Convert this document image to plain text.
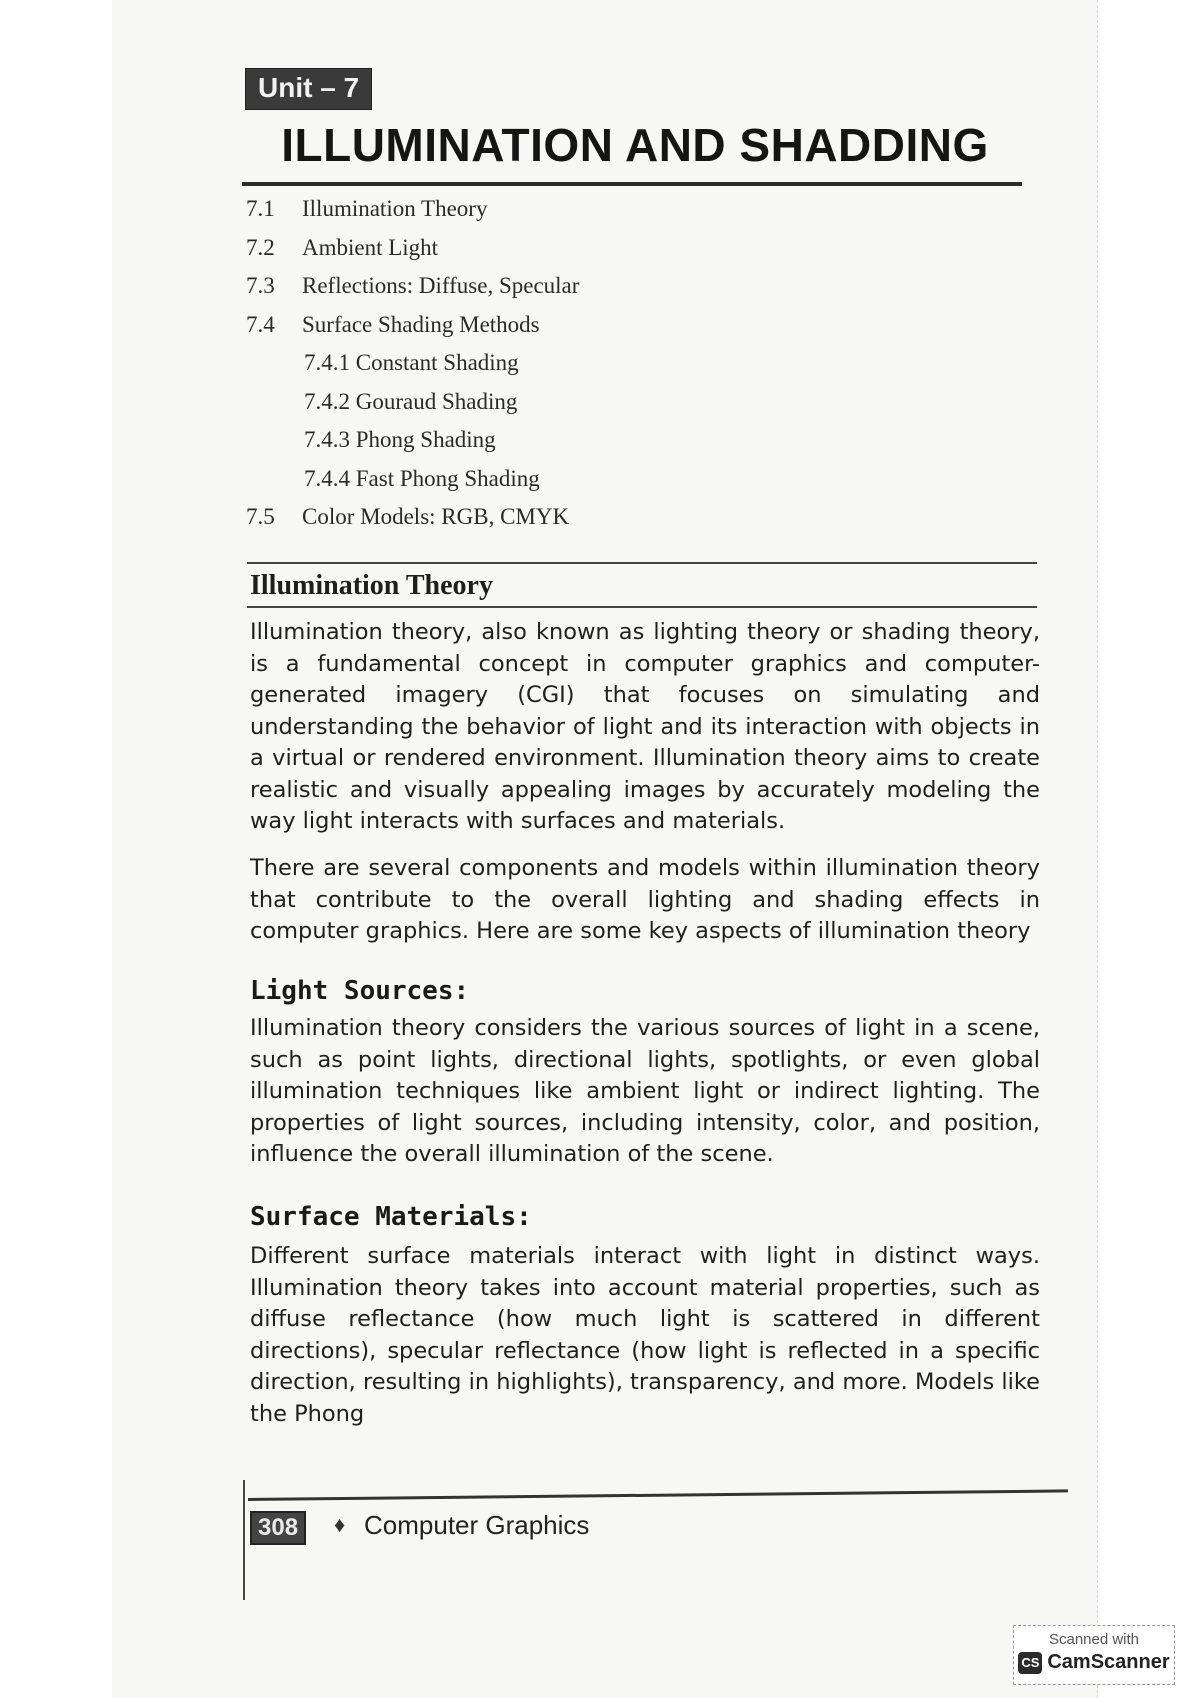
Unit – 7
ILLUMINATION AND SHADDING
7.1 Illumination Theory
7.2 Ambient Light
7.3 Reflections: Diffuse, Specular
7.4 Surface Shading Methods
7.4.1 Constant Shading
7.4.2 Gouraud Shading
7.4.3 Phong Shading
7.4.4 Fast Phong Shading
7.5 Color Models: RGB, CMYK
Illumination Theory

Illumination theory, also known as lighting theory or shading theory, is a fundamental concept in computer graphics and computer-generated imagery (CGI) that focuses on simulating and understanding the behavior of light and its interaction with objects in a virtual or rendered environment. Illumination theory aims to create realistic and visually appealing images by accurately modeling the way light interacts with surfaces and materials.

There are several components and models within illumination theory that contribute to the overall lighting and shading effects in computer graphics. Here are some key aspects of illumination theory

Light Sources:

Illumination theory considers the various sources of light in a scene, such as point lights, directional lights, spotlights, or even global illumination techniques like ambient light or indirect lighting. The properties of light sources, including intensity, color, and position, influence the overall illumination of the scene.

Surface Materials:

Different surface materials interact with light in distinct ways. Illumination theory takes into account material properties, such as diffuse reflectance (how much light is scattered in different directions), specular reflectance (how light is reflected in a specific direction, resulting in highlights), transparency, and more. Models like the Phong

308	♦ Computer Graphics
Scanned with
CS CamScanner
